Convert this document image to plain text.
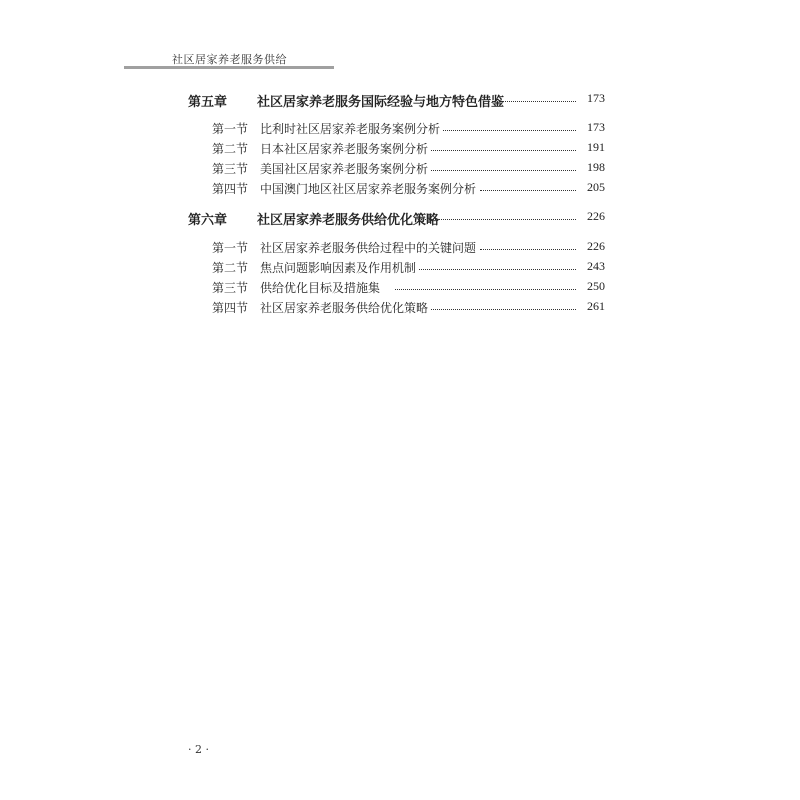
社区居家养老服务供给
第五章 社区居家养老服务国际经验与地方特色借鉴	173
第一节 比利时社区居家养老服务案例分析	173
第二节 日本社区居家养老服务案例分析	191
第三节 美国社区居家养老服务案例分析	198
第四节 中国澳门地区社区居家养老服务案例分析	205
第六章 社区居家养老服务供给优化策略	226
第一节 社区居家养老服务供给过程中的关键问题	226
第二节 焦点问题影响因素及作用机制	243
第三节 供给优化目标及措施集	250
第四节 社区居家养老服务供给优化策略	261
· 2 ·
